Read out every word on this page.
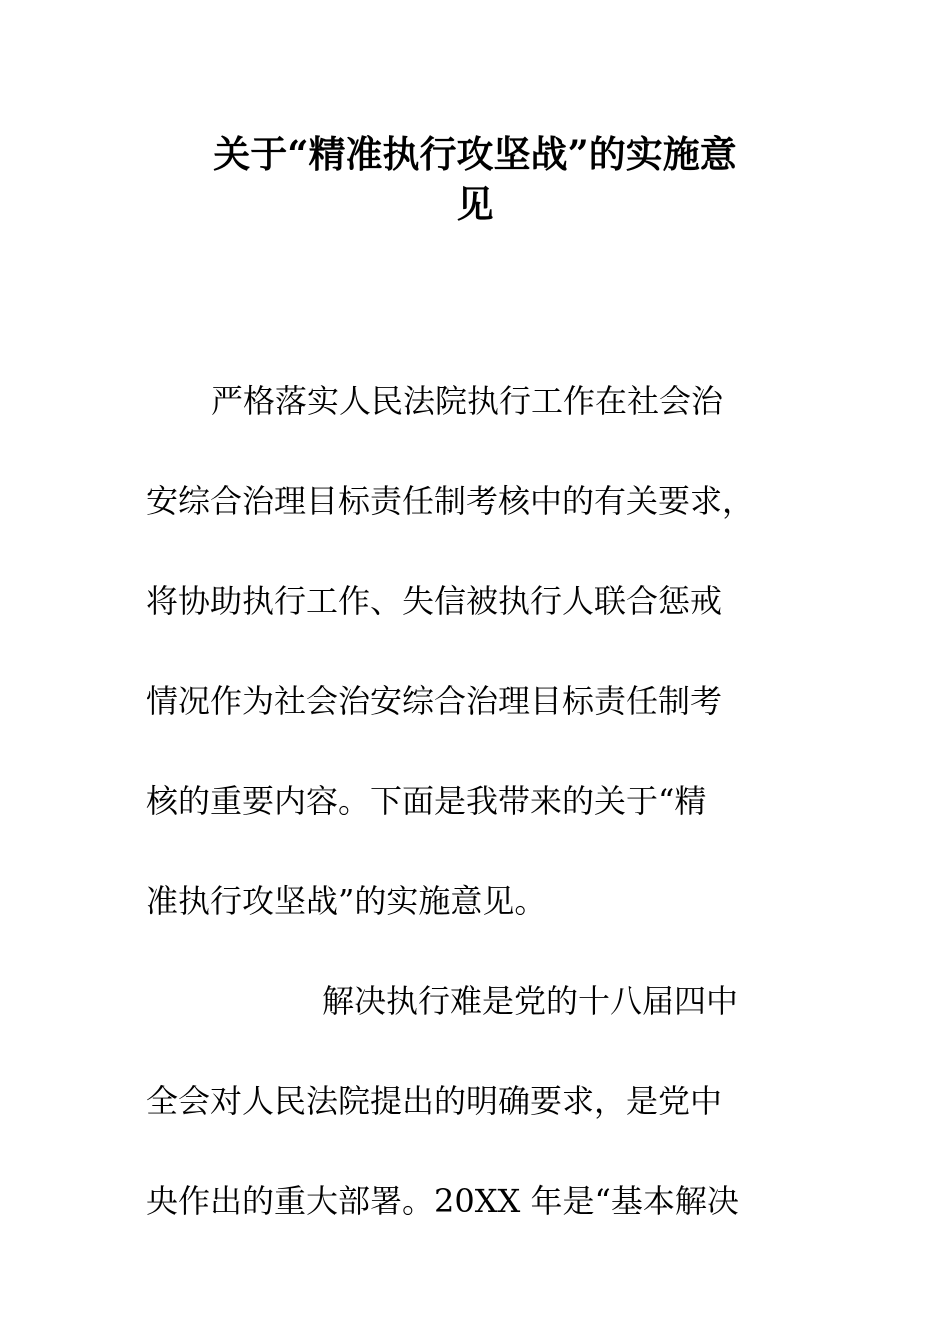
关于“精准执行攻坚战”的实施意
见
严格落实人民法院执行工作在社会治
安综合治理目标责任制考核中的有关要求，
将协助执行工作、失信被执行人联合惩戒
情况作为社会治安综合治理目标责任制考
核的重要内容。下面是我带来的关于“精
准执行攻坚战”的实施意见。
解决执行难是党的十八届四中
全会对人民法院提出的明确要求，是党中
央作出的重大部署。20XX 年是“基本解决
